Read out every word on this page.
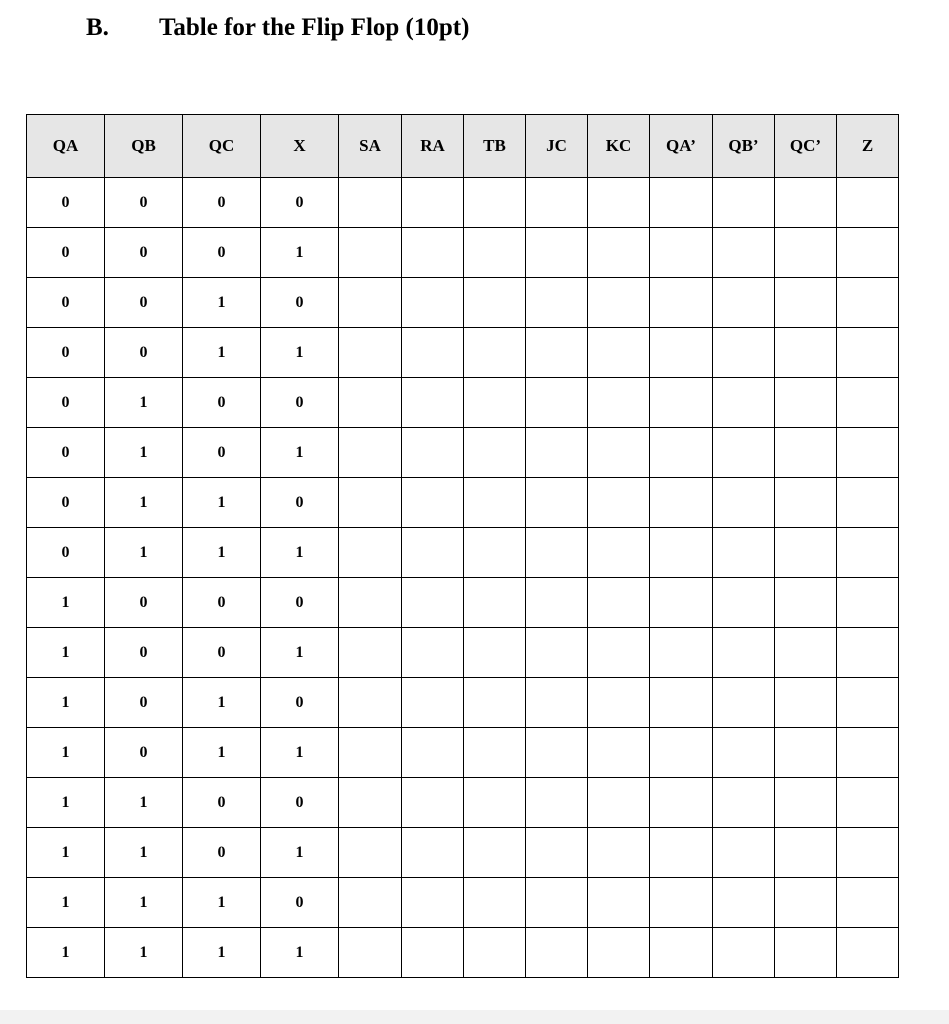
B.	Table for the Flip Flop (10pt)
QA	QB	QC	X	SA	RA	TB	JC	KC	QA’	QB’	QC’	Z
0	0	0	0									
0	0	0	1									
0	0	1	0									
0	0	1	1									
0	1	0	0									
0	1	0	1									
0	1	1	0									
0	1	1	1									
1	0	0	0									
1	0	0	1									
1	0	1	0									
1	0	1	1									
1	1	0	0									
1	1	0	1									
1	1	1	0									
1	1	1	1									
